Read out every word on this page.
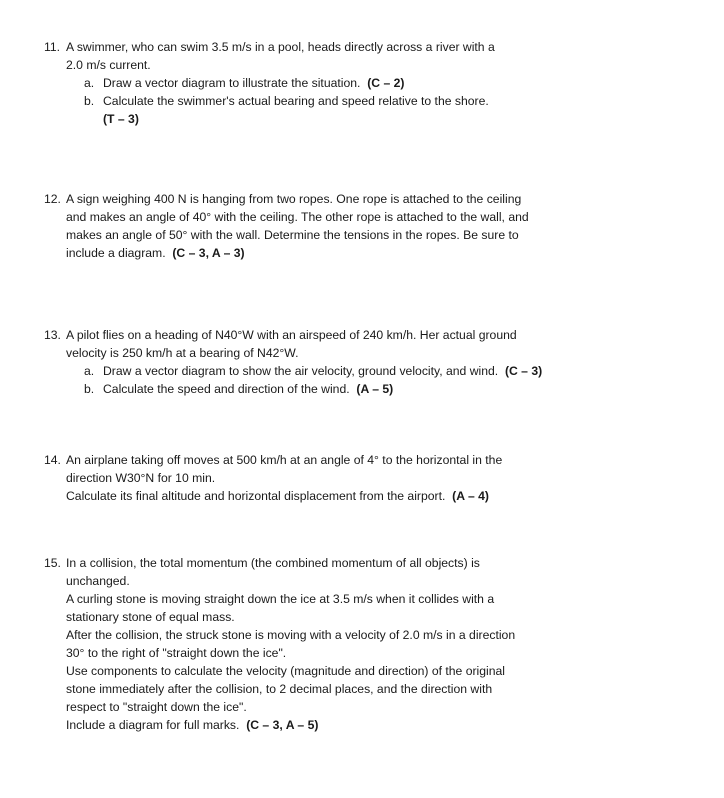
11. A swimmer, who can swim 3.5 m/s in a pool, heads directly across a river with a
2.0 m/s current.
a. Draw a vector diagram to illustrate the situation. (C – 2)
b. Calculate the swimmer's actual bearing and speed relative to the shore.
(T – 3)
12. A sign weighing 400 N is hanging from two ropes. One rope is attached to the ceiling
and makes an angle of 40° with the ceiling. The other rope is attached to the wall, and
makes an angle of 50° with the wall. Determine the tensions in the ropes. Be sure to
include a diagram. (C – 3, A – 3)
13. A pilot flies on a heading of N40°W with an airspeed of 240 km/h. Her actual ground
velocity is 250 km/h at a bearing of N42°W.
a. Draw a vector diagram to show the air velocity, ground velocity, and wind. (C – 3)
b. Calculate the speed and direction of the wind. (A – 5)
14. An airplane taking off moves at 500 km/h at an angle of 4° to the horizontal in the
direction W30°N for 10 min.
Calculate its final altitude and horizontal displacement from the airport. (A – 4)
15. In a collision, the total momentum (the combined momentum of all objects) is
unchanged.
A curling stone is moving straight down the ice at 3.5 m/s when it collides with a
stationary stone of equal mass.
After the collision, the struck stone is moving with a velocity of 2.0 m/s in a direction
30° to the right of "straight down the ice".
Use components to calculate the velocity (magnitude and direction) of the original
stone immediately after the collision, to 2 decimal places, and the direction with
respect to "straight down the ice".
Include a diagram for full marks. (C – 3, A – 5)
